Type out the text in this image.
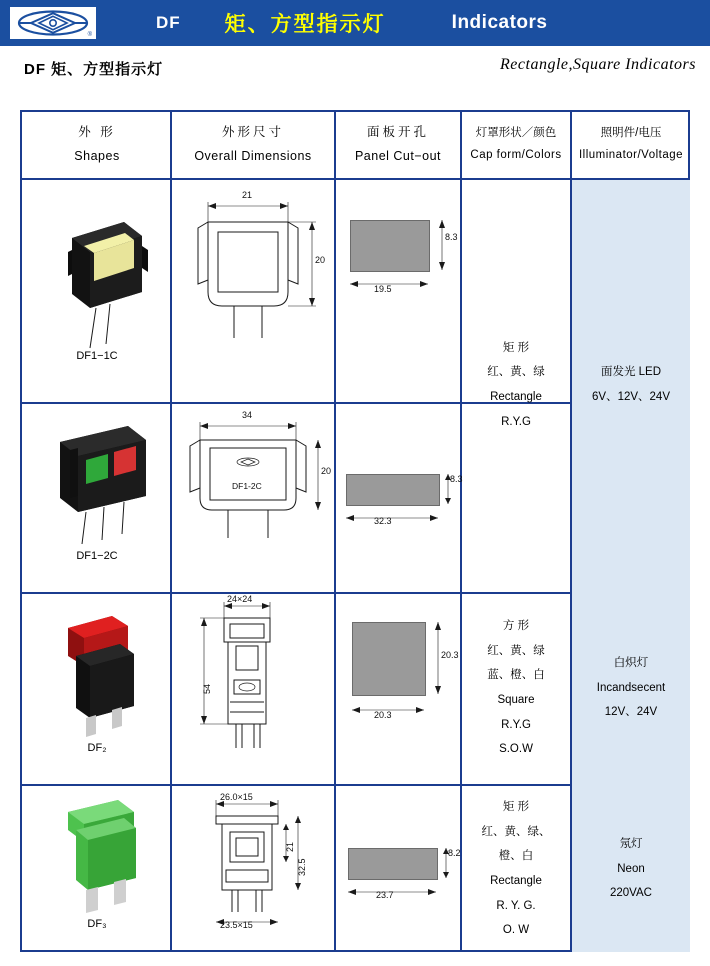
®
DF 矩、方型指示灯	Indicators
DF 矩、方型指示灯	Rectangle,Square Indicators
外 形
Shapes
外形尺寸
Overall Dimensions
面板开孔
Panel Cut−out
灯罩形状／颜色
Cap form/Colors
照明件/电压
Illuminator/Voltage
DF1−1C
21
20
19.5
8.3
矩 形
红、黄、绿
Rectangle
R.Y.G
面发光 LED
6V、12V、24V
DF1−2C
34
20
DF1-2C
32.3
8.3
DF₂
24×24
54
20.3
20.3
方 形
红、黄、绿
蓝、橙、白
Square
R.Y.G
S.O.W
白炽灯
Incandsecent
12V、24V
DF₃
26.0×15
21
32.5
23.5×15
23.7
8.2
矩 形
红、黄、绿、
橙、白
Rectangle
R. Y. G.
O. W
氖灯
Neon
220VAC
